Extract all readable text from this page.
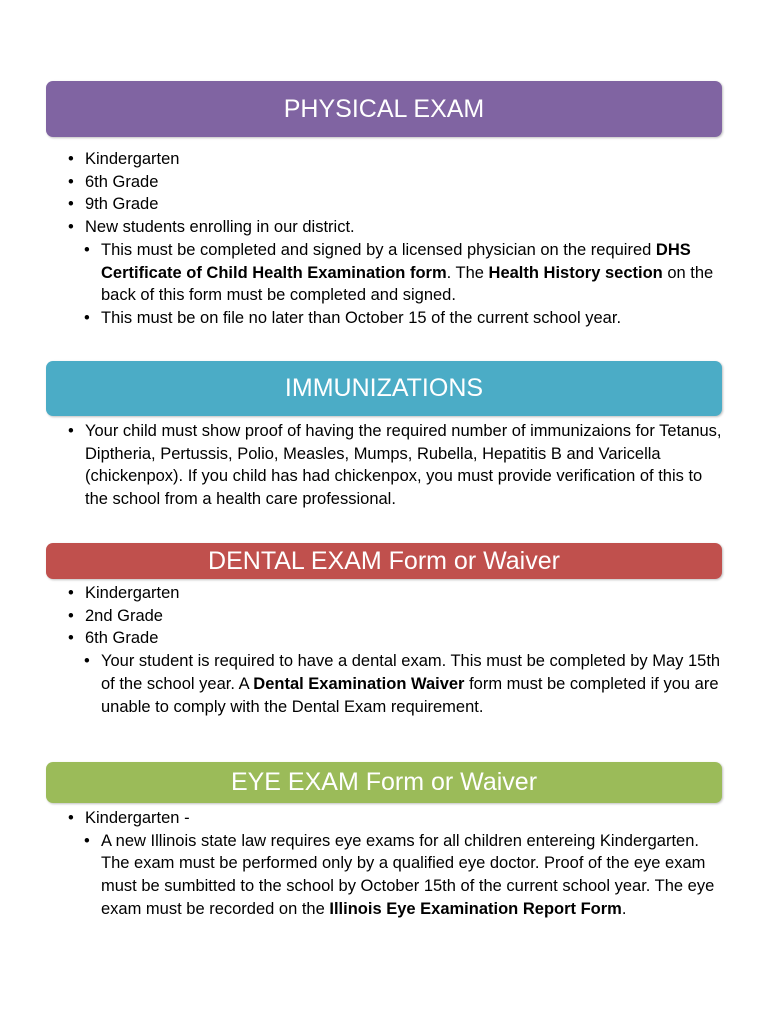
PHYSICAL EXAM
• Kindergarten
• 6th Grade
• 9th Grade
• New students enrolling in our district.
• This must be completed and signed by a licensed physician on the required DHS Certificate of Child Health Examination form. The Health History section on the back of this form must be completed and signed.
• This must be on file no later than October 15 of the current school year.
IMMUNIZATIONS
• Your child must show proof of having the required number of immunizaions for Tetanus, Diptheria, Pertussis, Polio, Measles, Mumps, Rubella, Hepatitis B and Varicella (chickenpox). If you child has had chickenpox, you must provide verification of this to the school from a health care professional.
DENTAL EXAM Form or Waiver
• Kindergarten
• 2nd Grade
• 6th Grade
• Your student is required to have a dental exam. This must be completed by May 15th of the school year. A Dental Examination Waiver form must be completed if you are unable to comply with the Dental Exam requirement.
EYE EXAM Form or Waiver
• Kindergarten -
• A new Illinois state law requires eye exams for all children entereing Kindergarten. The exam must be performed only by a qualified eye doctor. Proof of the eye exam must be sumbitted to the school by October 15th of the current school year. The eye exam must be recorded on the Illinois Eye Examination Report Form.
